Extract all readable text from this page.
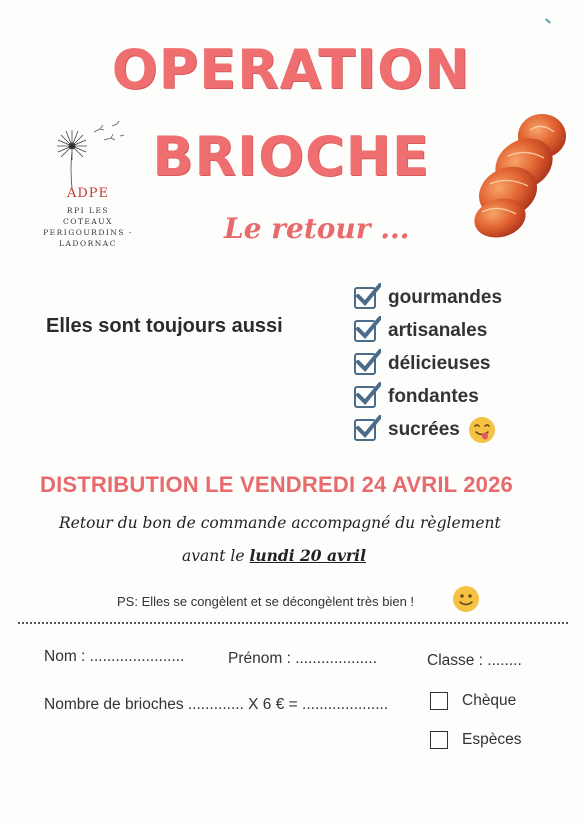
OPERATION
BRIOCHE
Le retour ...
ADPE
RPI LES
COTEAUX
PERIGOURDINS -
LADORNAC
Elles sont toujours aussi
gourmandes
artisanales
délicieuses
fondantes
sucrées
DISTRIBUTION LE VENDREDI 24 AVRIL 2026
Retour du bon de commande accompagné du règlement
avant le lundi 20 avril
PS: Elles se congèlent et se décongèlent très bien !
Nom : ......................	Prénom : ...................	Classe : ........
Nombre de brioches ............. X 6 € = ....................	Chèque
Espèces
